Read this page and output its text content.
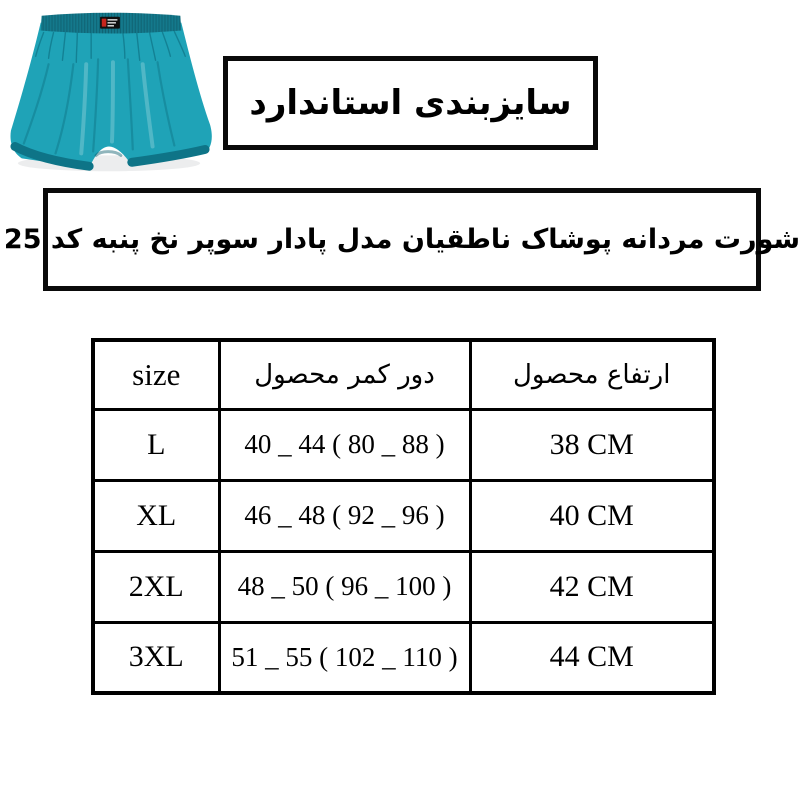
سایزبندی استاندارد
شورت مردانه پوشاک ناطقیان مدل پادار سوپر نخ پنبه کد 25
size	دور کمر محصول	ارتفاع محصول
L	40 _ 44 ( 80 _ 88 )	38 CM
XL	46 _ 48 ( 92 _ 96 )	40 CM
2XL	48 _ 50 ( 96 _ 100 )	42 CM
3XL	51 _ 55 ( 102 _ 110 )	44 CM
